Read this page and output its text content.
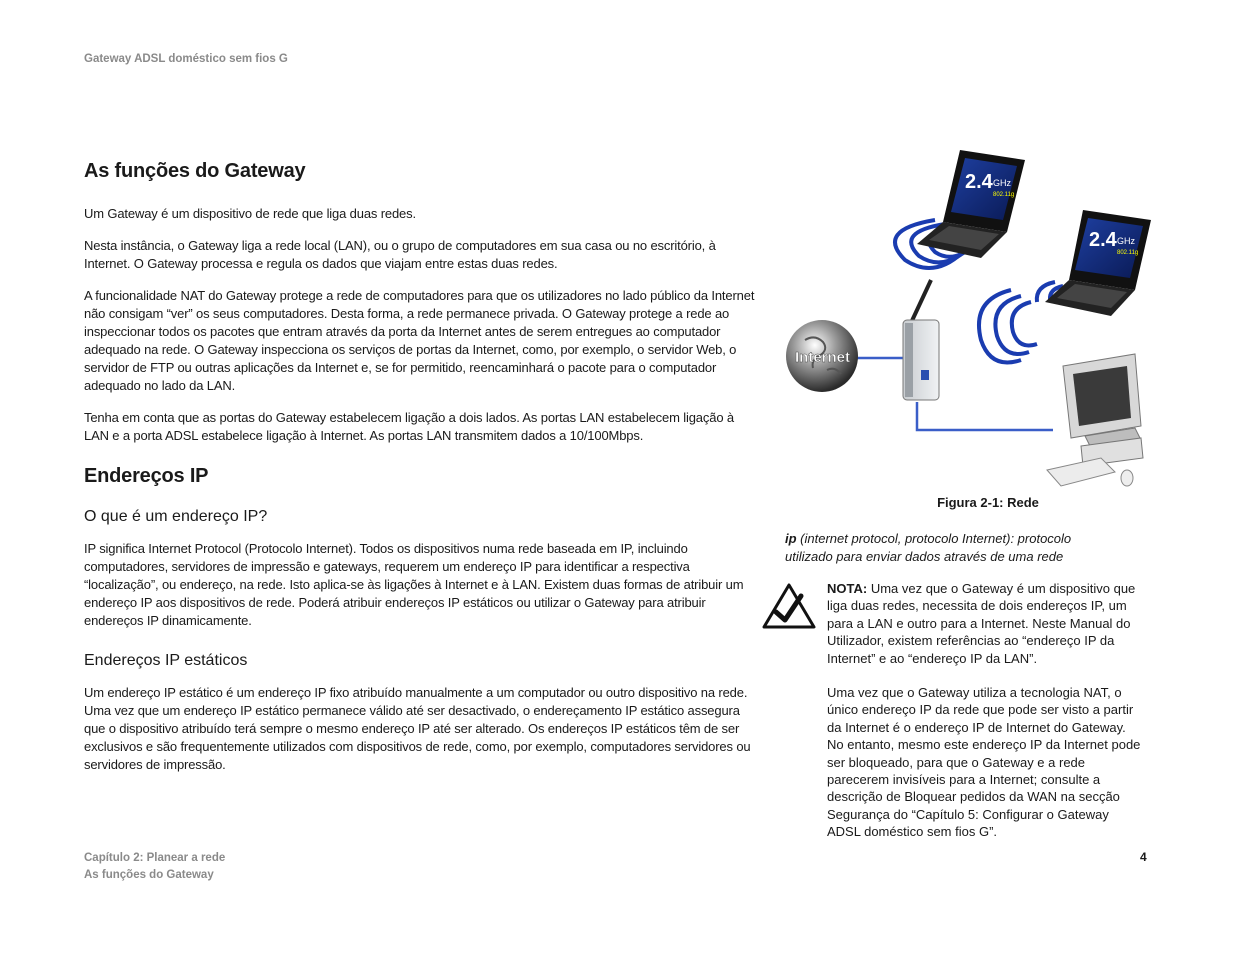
Gateway ADSL doméstico sem fios G
As funções do Gateway

Um Gateway é um dispositivo de rede que liga duas redes.

Nesta instância, o Gateway liga a rede local (LAN), ou o grupo de computadores em sua casa ou no escritório, à Internet. O Gateway processa e regula os dados que viajam entre estas duas redes.

A funcionalidade NAT do Gateway protege a rede de computadores para que os utilizadores no lado público da Internet não consigam “ver” os seus computadores. Desta forma, a rede permanece privada. O Gateway protege a rede ao inspeccionar todos os pacotes que entram através da porta da Internet antes de serem entregues ao computador adequado na rede. O Gateway inspecciona os serviços de portas da Internet, como, por exemplo, o servidor Web, o servidor de FTP ou outras aplicações da Internet e, se for permitido, reencaminhará o pacote para o computador adequado no lado da LAN.

Tenha em conta que as portas do Gateway estabelecem ligação a dois lados. As portas LAN estabelecem ligação à LAN e a porta ADSL estabelece ligação à Internet. As portas LAN transmitem dados a 10/100Mbps.

Endereços IP
O que é um endereço IP?

IP significa Internet Protocol (Protocolo Internet). Todos os dispositivos numa rede baseada em IP, incluindo computadores, servidores de impressão e gateways, requerem um endereço IP para identificar a respectiva “localização”, ou endereço, na rede. Isto aplica-se às ligações à Internet e à LAN. Existem duas formas de atribuir um endereço IP aos dispositivos de rede. Poderá atribuir endereços IP estáticos ou utilizar o Gateway para atribuir endereços IP dinamicamente.

Endereços IP estáticos

Um endereço IP estático é um endereço IP fixo atribuído manualmente a um computador ou outro dispositivo na rede. Uma vez que um endereço IP estático permanece válido até ser desactivado, o endereçamento IP estático assegura que o dispositivo atribuído terá sempre o mesmo endereço IP até ser alterado. Os endereços IP estáticos têm de ser exclusivos e são frequentemente utilizados com dispositivos de rede, como, por exemplo, computadores servidores ou servidores de impressão.

Internet
2.4 GHz
802.11g
2.4 GHz
802.11g
Figura 2-1: Rede
ip (internet protocol, protocolo Internet): protocolo utilizado para enviar dados através de uma rede

NOTA: Uma vez que o Gateway é um dispositivo que liga duas redes, necessita de dois endereços IP, um para a LAN e outro para a Internet. Neste Manual do Utilizador, existem referências ao “endereço IP da Internet” e ao “endereço IP da LAN”.

Uma vez que o Gateway utiliza a tecnologia NAT, o único endereço IP da rede que pode ser visto a partir da Internet é o endereço IP de Internet do Gateway. No entanto, mesmo este endereço IP da Internet pode ser bloqueado, para que o Gateway e a rede parecerem invisíveis para a Internet; consulte a descrição de Bloquear pedidos da WAN na secção Segurança do “Capítulo 5: Configurar o Gateway ADSL doméstico sem fios G”.

Capítulo 2: Planear a rede
As funções do Gateway
4
